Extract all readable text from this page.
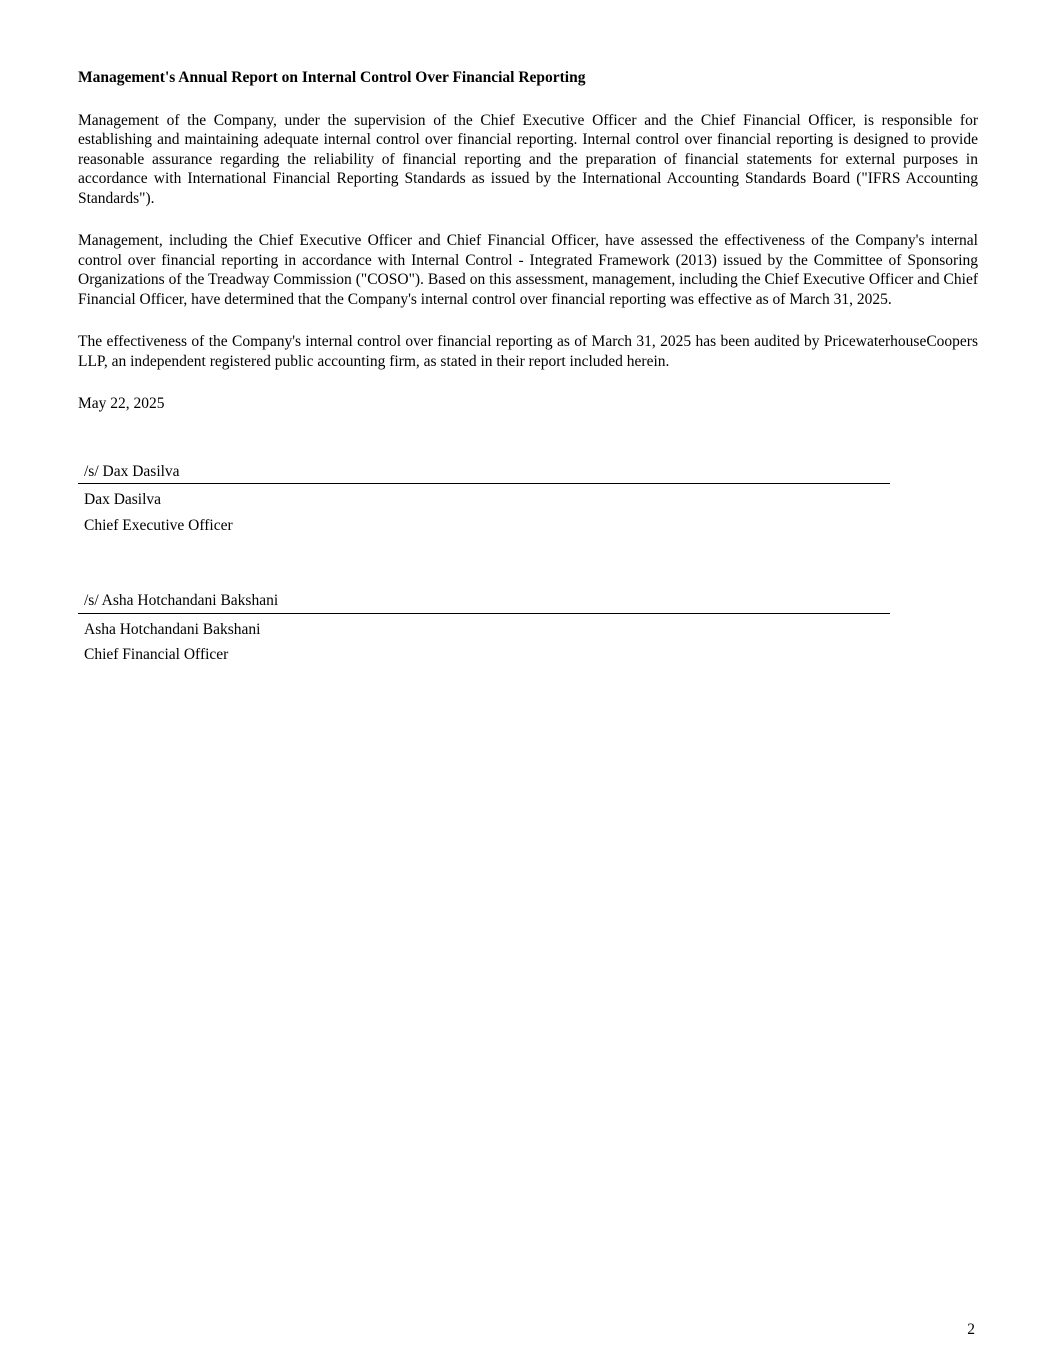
Management's Annual Report on Internal Control Over Financial Reporting
Management of the Company, under the supervision of the Chief Executive Officer and the Chief Financial Officer, is responsible for establishing and maintaining adequate internal control over financial reporting. Internal control over financial reporting is designed to provide reasonable assurance regarding the reliability of financial reporting and the preparation of financial statements for external purposes in accordance with International Financial Reporting Standards as issued by the International Accounting Standards Board ("IFRS Accounting Standards").
Management, including the Chief Executive Officer and Chief Financial Officer, have assessed the effectiveness of the Company's internal control over financial reporting in accordance with Internal Control - Integrated Framework (2013) issued by the Committee of Sponsoring Organizations of the Treadway Commission ("COSO"). Based on this assessment, management, including the Chief Executive Officer and Chief Financial Officer, have determined that the Company's internal control over financial reporting was effective as of March 31, 2025.
The effectiveness of the Company's internal control over financial reporting as of March 31, 2025 has been audited by PricewaterhouseCoopers LLP, an independent registered public accounting firm, as stated in their report included herein.
May 22, 2025
/s/ Dax Dasilva
Dax Dasilva
Chief Executive Officer
/s/ Asha Hotchandani Bakshani
Asha Hotchandani Bakshani
Chief Financial Officer
2
